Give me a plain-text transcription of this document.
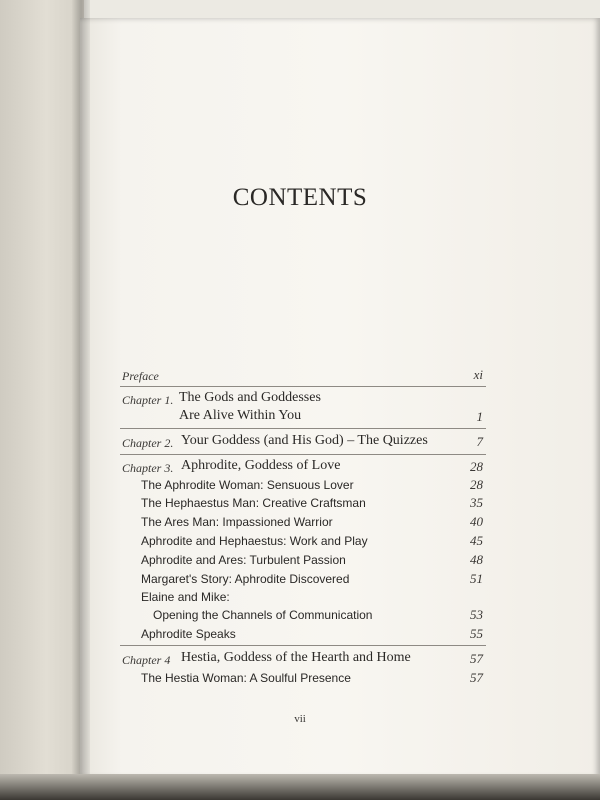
CONTENTS
Preface	xi
Chapter 1. The Gods and Goddesses
Are Alive Within You	1
Chapter 2. Your Goddess (and His God) – The Quizzes	7
Chapter 3. Aphrodite, Goddess of Love	28
The Aphrodite Woman: Sensuous Lover	28
The Hephaestus Man: Creative Craftsman	35
The Ares Man: Impassioned Warrior	40
Aphrodite and Hephaestus: Work and Play	45
Aphrodite and Ares: Turbulent Passion	48
Margaret's Story: Aphrodite Discovered	51
Elaine and Mike:
Opening the Channels of Communication	53
Aphrodite Speaks	55
Chapter 4 Hestia, Goddess of the Hearth and Home	57
The Hestia Woman: A Soulful Presence	57
vii
